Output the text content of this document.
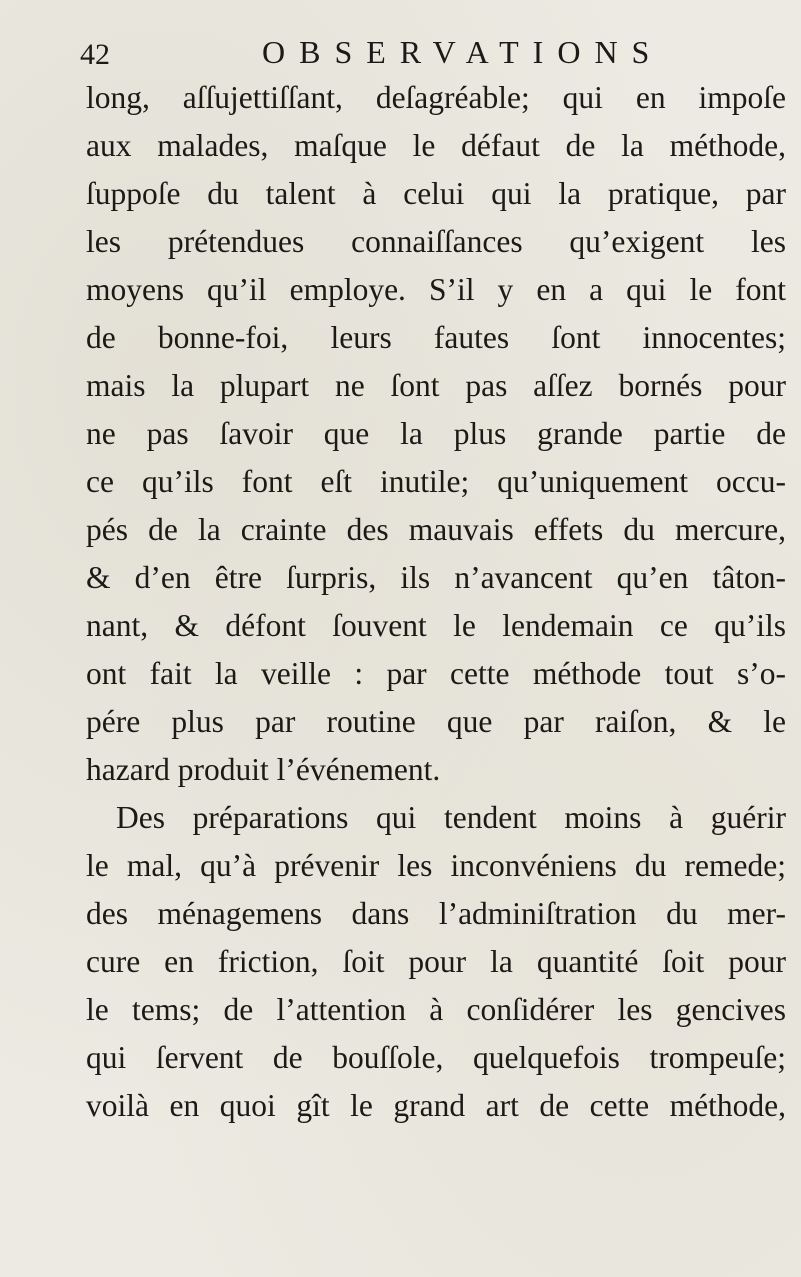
42	OBSERVATIONS
long, aſſujettiſſant, deſagréable; qui en impoſe
aux malades, maſque le défaut de la méthode,
ſuppoſe du talent à celui qui la pratique, par
les prétendues connaiſſances qu’exigent les
moyens qu’il employe. S’il y en a qui le font
de bonne-foi, leurs fautes ſont innocentes;
mais la plupart ne ſont pas aſſez bornés pour
ne pas ſavoir que la plus grande partie de
ce qu’ils font eſt inutile; qu’uniquement occu-
pés de la crainte des mauvais effets du mercure,
& d’en être ſurpris, ils n’avancent qu’en tâton-
nant, & défont ſouvent le lendemain ce qu’ils
ont fait la veille : par cette méthode tout s’o-
pére plus par routine que par raiſon, & le
hazard produit l’événement.
Des préparations qui tendent moins à guérir
le mal, qu’à prévenir les inconvéniens du remede;
des ménagemens dans l’adminiſtration du mer-
cure en friction, ſoit pour la quantité ſoit pour
le tems; de l’attention à conſidérer les gencives
qui ſervent de bouſſole, quelquefois trompeuſe;
voilà en quoi gît le grand art de cette méthode,
